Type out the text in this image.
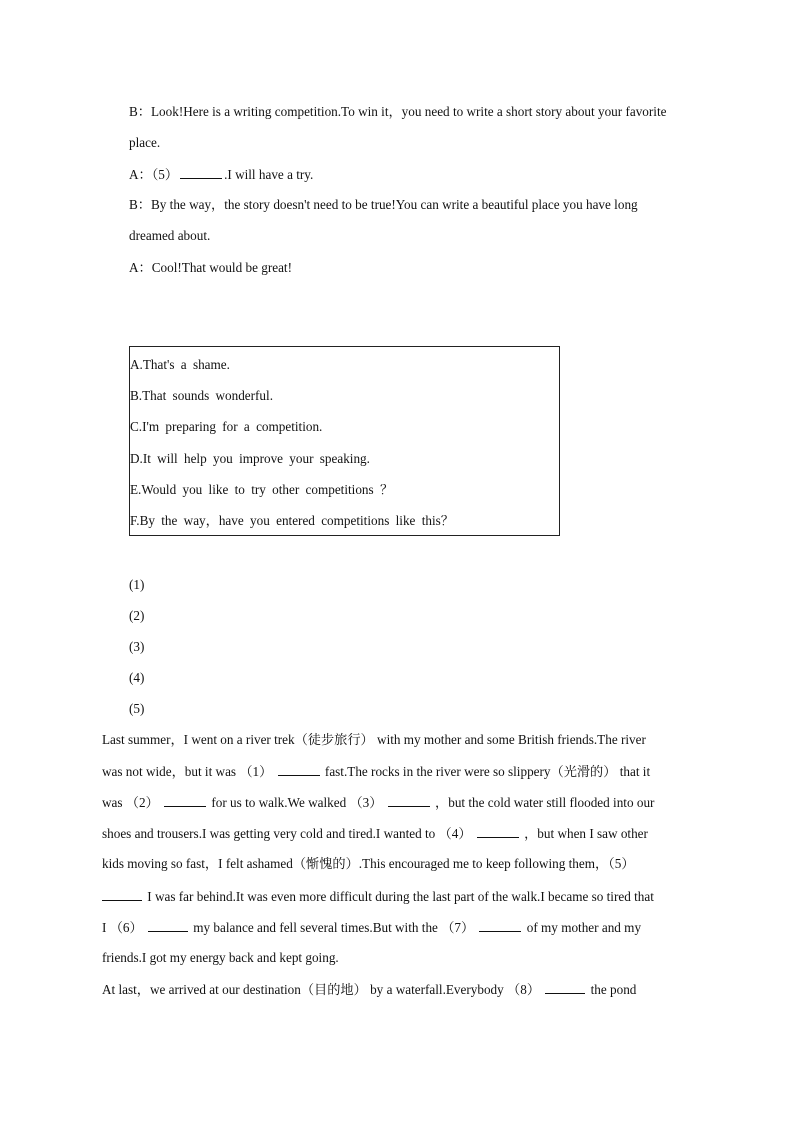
B：Look!Here is a writing competition.To win it，you need to write a short story about your favorite
place.
A：（5）	.I will have a try.
B：By the way，the story doesn't need to be true!You can write a beautiful place you have long
dreamed about.
A：Cool!That would be great!
A.That's a shame.
B.That sounds wonderful.
C.I'm preparing for a competition.
D.It will help you improve your speaking.
E.Would you like to try other competitions ？
F.By the way，have you entered competitions like this？
(1)
(2)
(3)
(4)
(5)
Last summer，I went on a river trek（徒步旅行） with my mother and some British friends.The river
was not wide，but it was （1）	fast.The rocks in the river were so slippery（光滑的） that it
was （2）	for us to walk.We walked （3）	，but the cold water still flooded into our
shoes and trousers.I was getting very cold and tired.I wanted to （4）	，but when I saw other
kids moving so fast，I felt ashamed（惭愧的）.This encouraged me to keep following them，（5）
I was far behind.It was even more difficult during the last part of the walk.I became so tired that
I （6）	my balance and fell several times.But with the （7）	of my mother and my
friends.I got my energy back and kept going.
At last，we arrived at our destination（目的地） by a waterfall.Everybody （8）	the pond
